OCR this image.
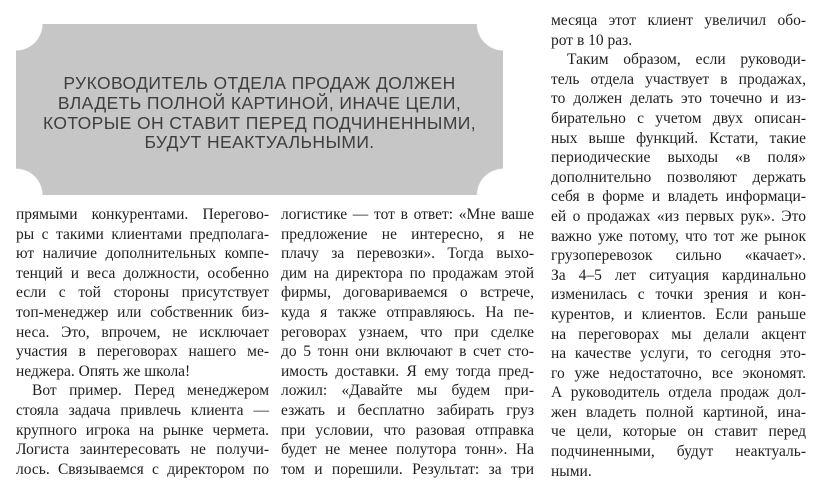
РУКОВОДИТЕЛЬ ОТДЕЛА ПРОДАЖ ДОЛЖЕН
ВЛАДЕТЬ ПОЛНОЙ КАРТИНОЙ, ИНАЧЕ ЦЕЛИ,
КОТОРЫЕ ОН СТАВИТ ПЕРЕД ПОДЧИНЕННЫМИ,
БУДУТ НЕАКТУАЛЬНЫМИ.
прямыми конкурентами. Перегово-
ры с такими клиентами предполага-
ют наличие дополнительных компе-
тенций и веса должности, особенно
если с той стороны присутствует
топ-менеджер или собственник биз-
неса. Это, впрочем, не исключает
участия в переговорах нашего ме-
неджера. Опять же школа!
Вот пример. Перед менеджером
стояла задача привлечь клиента —
крупного игрока на рынке чермета.
Логиста заинтересовать не получи-
лось. Связываемся с директором по
логистике — тот в ответ: «Мне ваше
предложение не интересно, я не
плачу за перевозки». Тогда выхо-
дим на директора по продажам этой
фирмы, договариваемся о встрече,
куда я также отправляюсь. На пе-
реговорах узнаем, что при сделке
до 5 тонн они включают в счет сто-
имость доставки. Я ему тогда пред-
ложил: «Давайте мы будем при-
езжать и бесплатно забирать груз
при условии, что разовая отправка
будет не менее полутора тонн». На
том и порешили. Результат: за три
месяца этот клиент увеличил обо-
рот в 10 раз.
Таким образом, если руководи-
тель отдела участвует в продажах,
то должен делать это точечно и из-
бирательно с учетом двух описан-
ных выше функций. Кстати, такие
периодические выходы «в поля»
дополнительно позволяют держать
себя в форме и владеть информаци-
ей о продажах «из первых рук». Это
важно уже потому, что тот же рынок
грузоперевозок сильно «качает».
За 4–5 лет ситуация кардинально
изменилась с точки зрения и кон-
курентов, и клиентов. Если раньше
на переговорах мы делали акцент
на качестве услуги, то сегодня это-
го уже недостаточно, все экономят.
А руководитель отдела продаж дол-
жен владеть полной картиной, ина-
че цели, которые он ставит перед
подчиненными, будут неактуаль-
ными.
